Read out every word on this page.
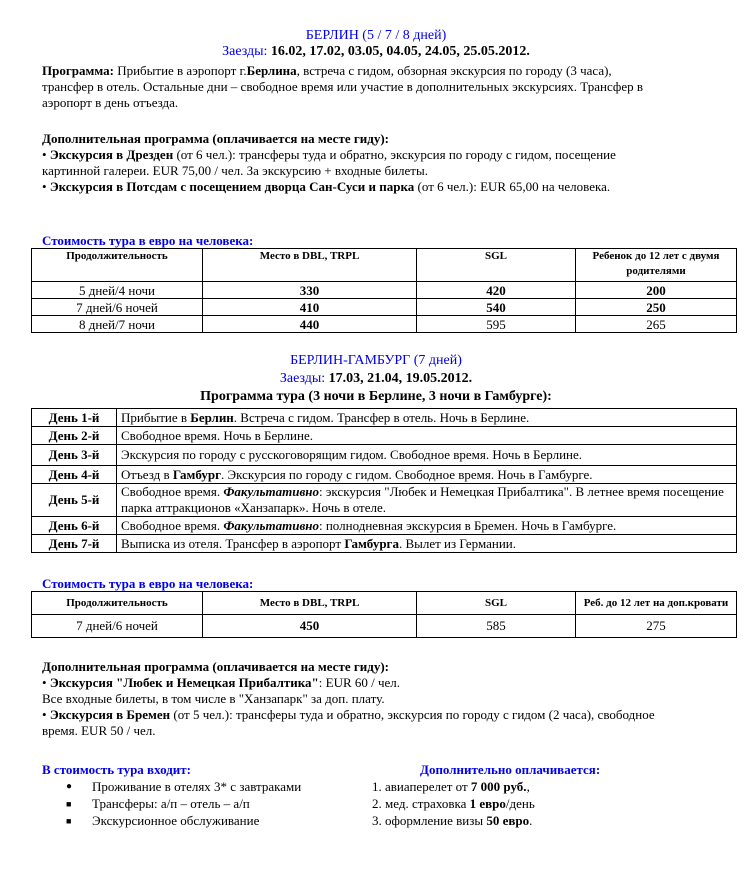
БЕРЛИН (5 / 7 / 8 дней)
Заезды: 16.02, 17.02, 03.05, 04.05, 24.05, 25.05.2012.
Программа: Прибытие в аэропорт г.Берлина, встреча с гидом, обзорная экскурсия по городу (3 часа), трансфер в отель. Остальные дни – свободное время или участие в дополнительных экскурсиях. Трансфер в аэропорт в день отъезда.
Дополнительная программа (оплачивается на месте гиду):
• Экскурсия в Дрезден (от 6 чел.): трансферы туда и обратно, экскурсия по городу с гидом, посещение картинной галереи. EUR 75,00 / чел. За экскурсию + входные билеты.
• Экскурсия в Потсдам с посещением дворца Сан-Суси и парка (от 6 чел.): EUR 65,00 на человека.
Стоимость тура в евро на человека:
Продолжительность	Место в DBL, TRPL	SGL	Ребенок до 12 лет с двумя родителями
5 дней/4 ночи	330	420	200
7 дней/6 ночей	410	540	250
8 дней/7 ночи	440	595	265
БЕРЛИН-ГАМБУРГ (7 дней)
Заезды: 17.03, 21.04, 19.05.2012.
Программа тура (3 ночи в Берлине, 3 ночи в Гамбурге):
День 1-й	Прибытие в Берлин. Встреча с гидом. Трансфер в отель. Ночь в Берлине.
День 2-й	Свободное время. Ночь в Берлине.
День 3-й	Экскурсия по городу с русскоговорящим гидом. Свободное время. Ночь в Берлине.
День 4-й	Отъезд в Гамбург. Экскурсия по городу с гидом. Свободное время. Ночь в Гамбурге.
День 5-й	Свободное время. Факультативно: экскурсия "Любек и Немецкая Прибалтика". В летнее время посещение парка аттракционов «Ханзапарк». Ночь в отеле.
День 6-й	Свободное время. Факультативно: полнодневная экскурсия в Бремен. Ночь в Гамбурге.
День 7-й	Выписка из отеля. Трансфер в аэропорт Гамбурга. Вылет из Германии.
Стоимость тура в евро на человека:
Продолжительность	Место в DBL, TRPL	SGL	Реб. до 12 лет на доп.кровати
7 дней/6 ночей	450	585	275
Дополнительная программа (оплачивается на месте гиду):
• Экскурсия "Любек и Немецкая Прибалтика": EUR 60 / чел.
Все входные билеты, в том числе в "Ханзапарк" за доп. плату.
• Экскурсия в Бремен (от 5 чел.): трансферы туда и обратно, экскурсия по городу с гидом (2 часа), свободное время. EUR 50 / чел.
В стоимость тура входит:
● Проживание в отелях 3* с завтраками
■ Трансферы: а/п – отель – а/п
■ Экскурсионное обслуживание
Дополнительно оплачивается:
1. авиаперелет от 7 000 руб.,
2. мед. страховка 1 евро/день
3. оформление визы 50 евро.
